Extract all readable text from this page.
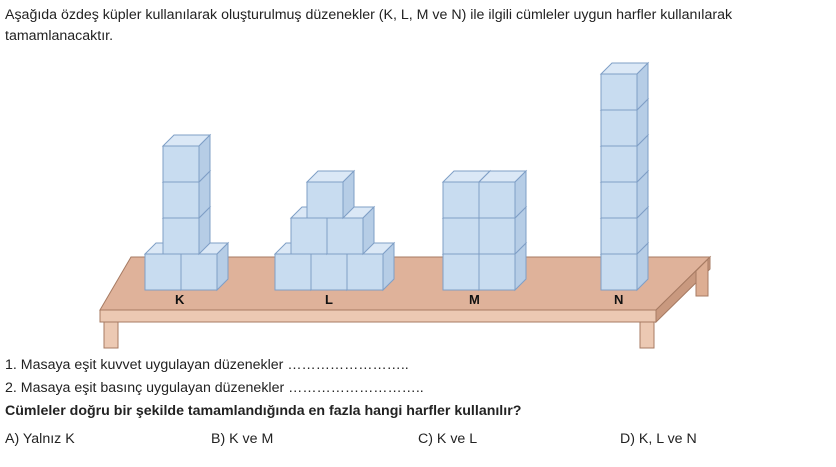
Aşağıda özdeş küpler kullanılarak oluşturulmuş düzenekler (K, L, M ve N) ile ilgili cümleler uygun harfler kullanılarak tamamlanacaktır.

K	L	M	N
1. Masaya eşit kuvvet uygulayan düzenekler ……………………..
2. Masaya eşit basınç uygulayan düzenekler ………………………..
Cümleler doğru bir şekilde tamamlandığında en fazla hangi harfler kullanılır?
A) Yalnız K	B) K ve M	C) K ve L	D) K, L ve N
